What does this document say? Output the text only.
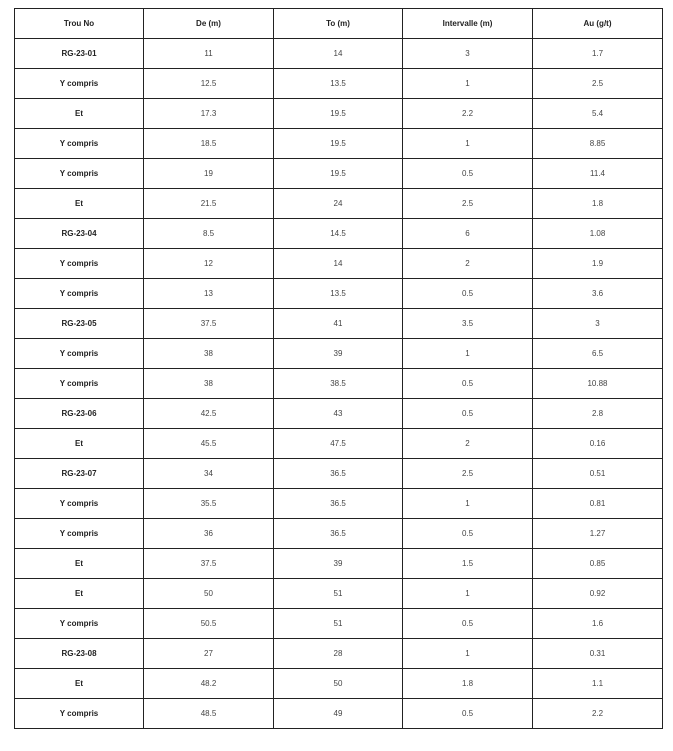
Trou No	De (m)	To (m)	Intervalle (m)	Au (g/t)
RG-23-01	11	14	3	1.7
Y compris	12.5	13.5	1	2.5
Et	17.3	19.5	2.2	5.4
Y compris	18.5	19.5	1	8.85
Y compris	19	19.5	0.5	11.4
Et	21.5	24	2.5	1.8
RG-23-04	8.5	14.5	6	1.08
Y compris	12	14	2	1.9
Y compris	13	13.5	0.5	3.6
RG-23-05	37.5	41	3.5	3
Y compris	38	39	1	6.5
Y compris	38	38.5	0.5	10.88
RG-23-06	42.5	43	0.5	2.8
Et	45.5	47.5	2	0.16
RG-23-07	34	36.5	2.5	0.51
Y compris	35.5	36.5	1	0.81
Y compris	36	36.5	0.5	1.27
Et	37.5	39	1.5	0.85
Et	50	51	1	0.92
Y compris	50.5	51	0.5	1.6
RG-23-08	27	28	1	0.31
Et	48.2	50	1.8	1.1
Y compris	48.5	49	0.5	2.2
